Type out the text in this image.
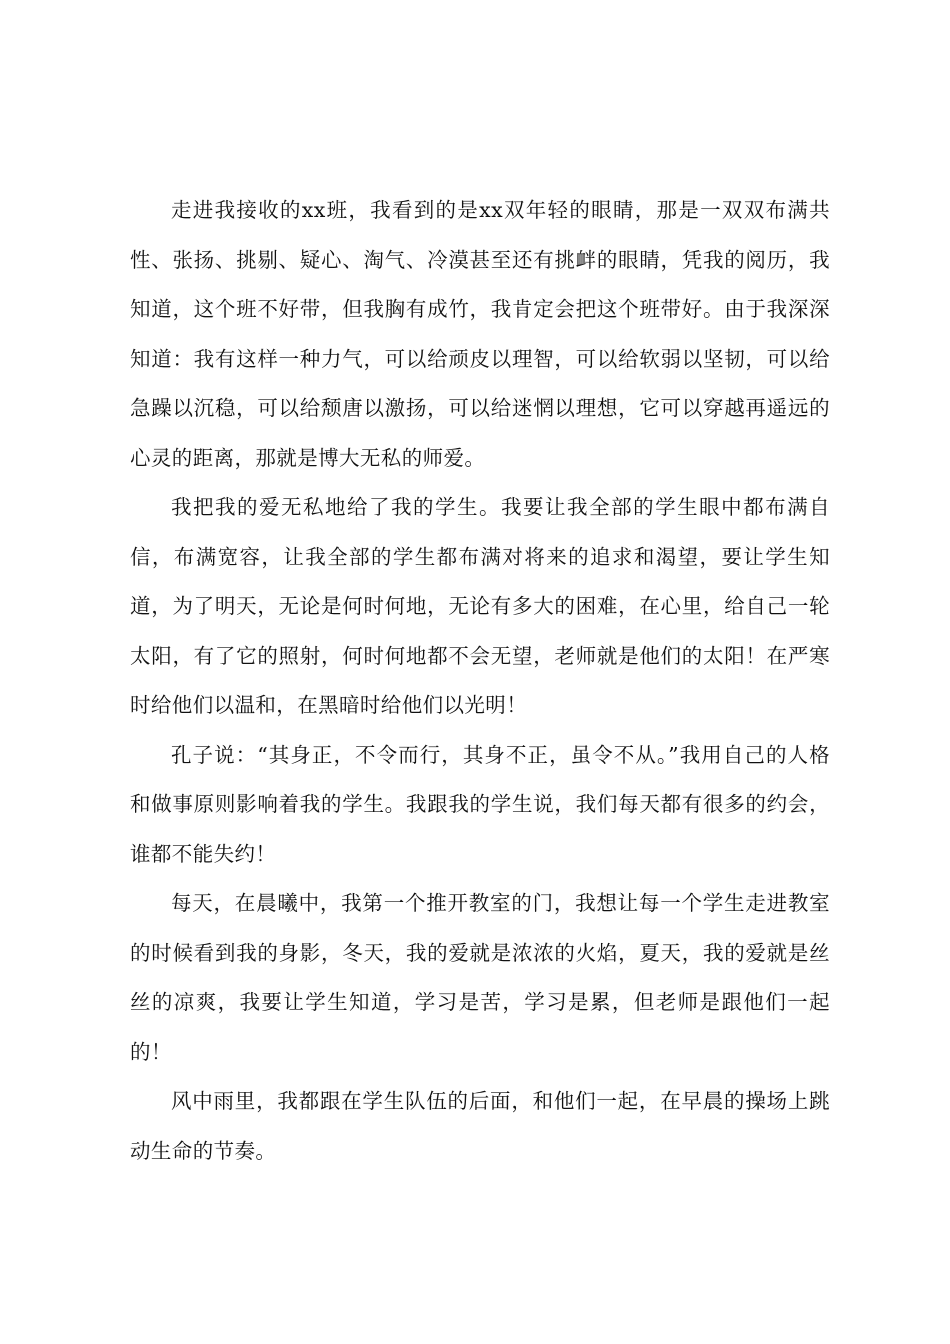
走进我接收的xx班，我看到的是xx双年轻的眼睛，那是一双双布满共性、张扬、挑剔、疑心、淘气、冷漠甚至还有挑衅的眼睛，凭我的阅历，我知道，这个班不好带，但我胸有成竹，我肯定会把这个班带好。由于我深深知道：我有这样一种力气，可以给顽皮以理智，可以给软弱以坚韧，可以给急躁以沉稳，可以给颓唐以激扬，可以给迷惘以理想，它可以穿越再遥远的心灵的距离，那就是博大无私的师爱。

我把我的爱无私地给了我的学生。我要让我全部的学生眼中都布满自信，布满宽容，让我全部的学生都布满对将来的追求和渴望，要让学生知道，为了明天，无论是何时何地，无论有多大的困难，在心里，给自己一轮太阳，有了它的照射，何时何地都不会无望，老师就是他们的太阳！在严寒时给他们以温和，在黑暗时给他们以光明！

孔子说：“其身正，不令而行，其身不正，虽令不从。”我用自己的人格和做事原则影响着我的学生。我跟我的学生说，我们每天都有很多的约会，谁都不能失约！

每天，在晨曦中，我第一个推开教室的门，我想让每一个学生走进教室的时候看到我的身影，冬天，我的爱就是浓浓的火焰，夏天，我的爱就是丝丝的凉爽，我要让学生知道，学习是苦，学习是累，但老师是跟他们一起的！

风中雨里，我都跟在学生队伍的后面，和他们一起，在早晨的操场上跳动生命的节奏。
